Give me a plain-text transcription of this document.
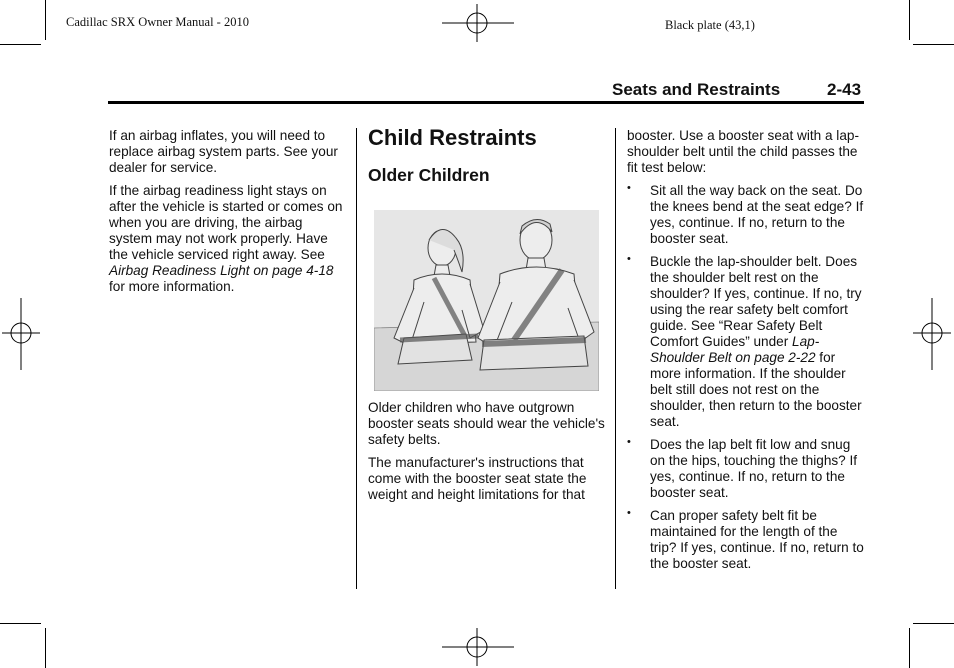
Cadillac SRX Owner Manual - 2010	Black plate (43,1)
Seats and Restraints	2-43

If an airbag inflates, you will need to replace airbag system parts. See your dealer for service.

If the airbag readiness light stays on after the vehicle is started or comes on when you are driving, the airbag system may not work properly. Have the vehicle serviced right away. See Airbag Readiness Light on page 4-18 for more information.

Child Restraints
Older Children

Older children who have outgrown booster seats should wear the vehicle's safety belts.

The manufacturer's instructions that come with the booster seat state the weight and height limitations for that

booster. Use a booster seat with a lap-shoulder belt until the child passes the fit test below:

• Sit all the way back on the seat. Do the knees bend at the seat edge? If yes, continue. If no, return to the booster seat.
• Buckle the lap-shoulder belt. Does the shoulder belt rest on the shoulder? If yes, continue. If no, try using the rear safety belt comfort guide. See “Rear Safety Belt Comfort Guides” under Lap-Shoulder Belt on page 2-22 for more information. If the shoulder belt still does not rest on the shoulder, then return to the booster seat.
• Does the lap belt fit low and snug on the hips, touching the thighs? If yes, continue. If no, return to the booster seat.
• Can proper safety belt fit be maintained for the length of the trip? If yes, continue. If no, return to the booster seat.
